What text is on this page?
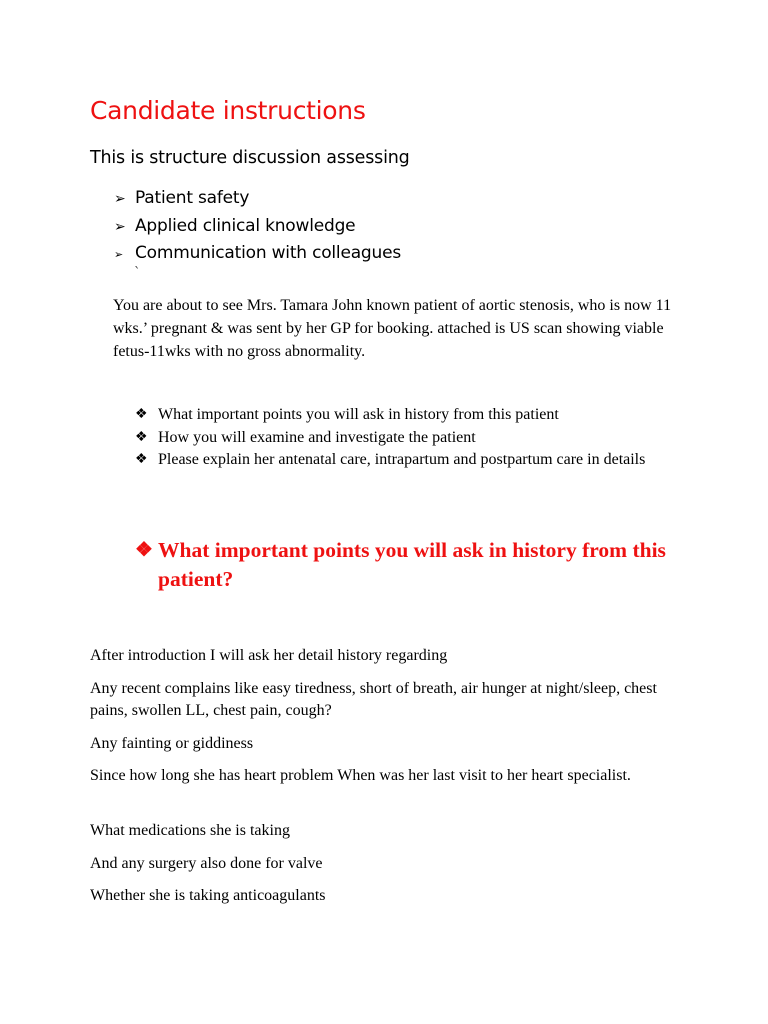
Candidate instructions
This is structure discussion assessing
➢ Patient safety
➢ Applied clinical knowledge
➢ Communication with colleagues
`

You are about to see Mrs. Tamara John known patient of aortic stenosis, who is now 11 wks.’ pregnant & was sent by her GP for booking. attached is US scan showing viable fetus-11wks with no gross abnormality.

❖ What important points you will ask in history from this patient
❖ How you will examine and investigate the patient
❖ Please explain her antenatal care, intrapartum and postpartum care in details
❖ What important points you will ask in history from this patient?

After introduction I will ask her detail history regarding

Any recent complains like easy tiredness, short of breath, air hunger at night/sleep, chest pains, swollen LL, chest pain, cough?

Any fainting or giddiness

Since how long she has heart problem When was her last visit to her heart specialist.

What medications she is taking

And any surgery also done for valve

Whether she is taking anticoagulants
